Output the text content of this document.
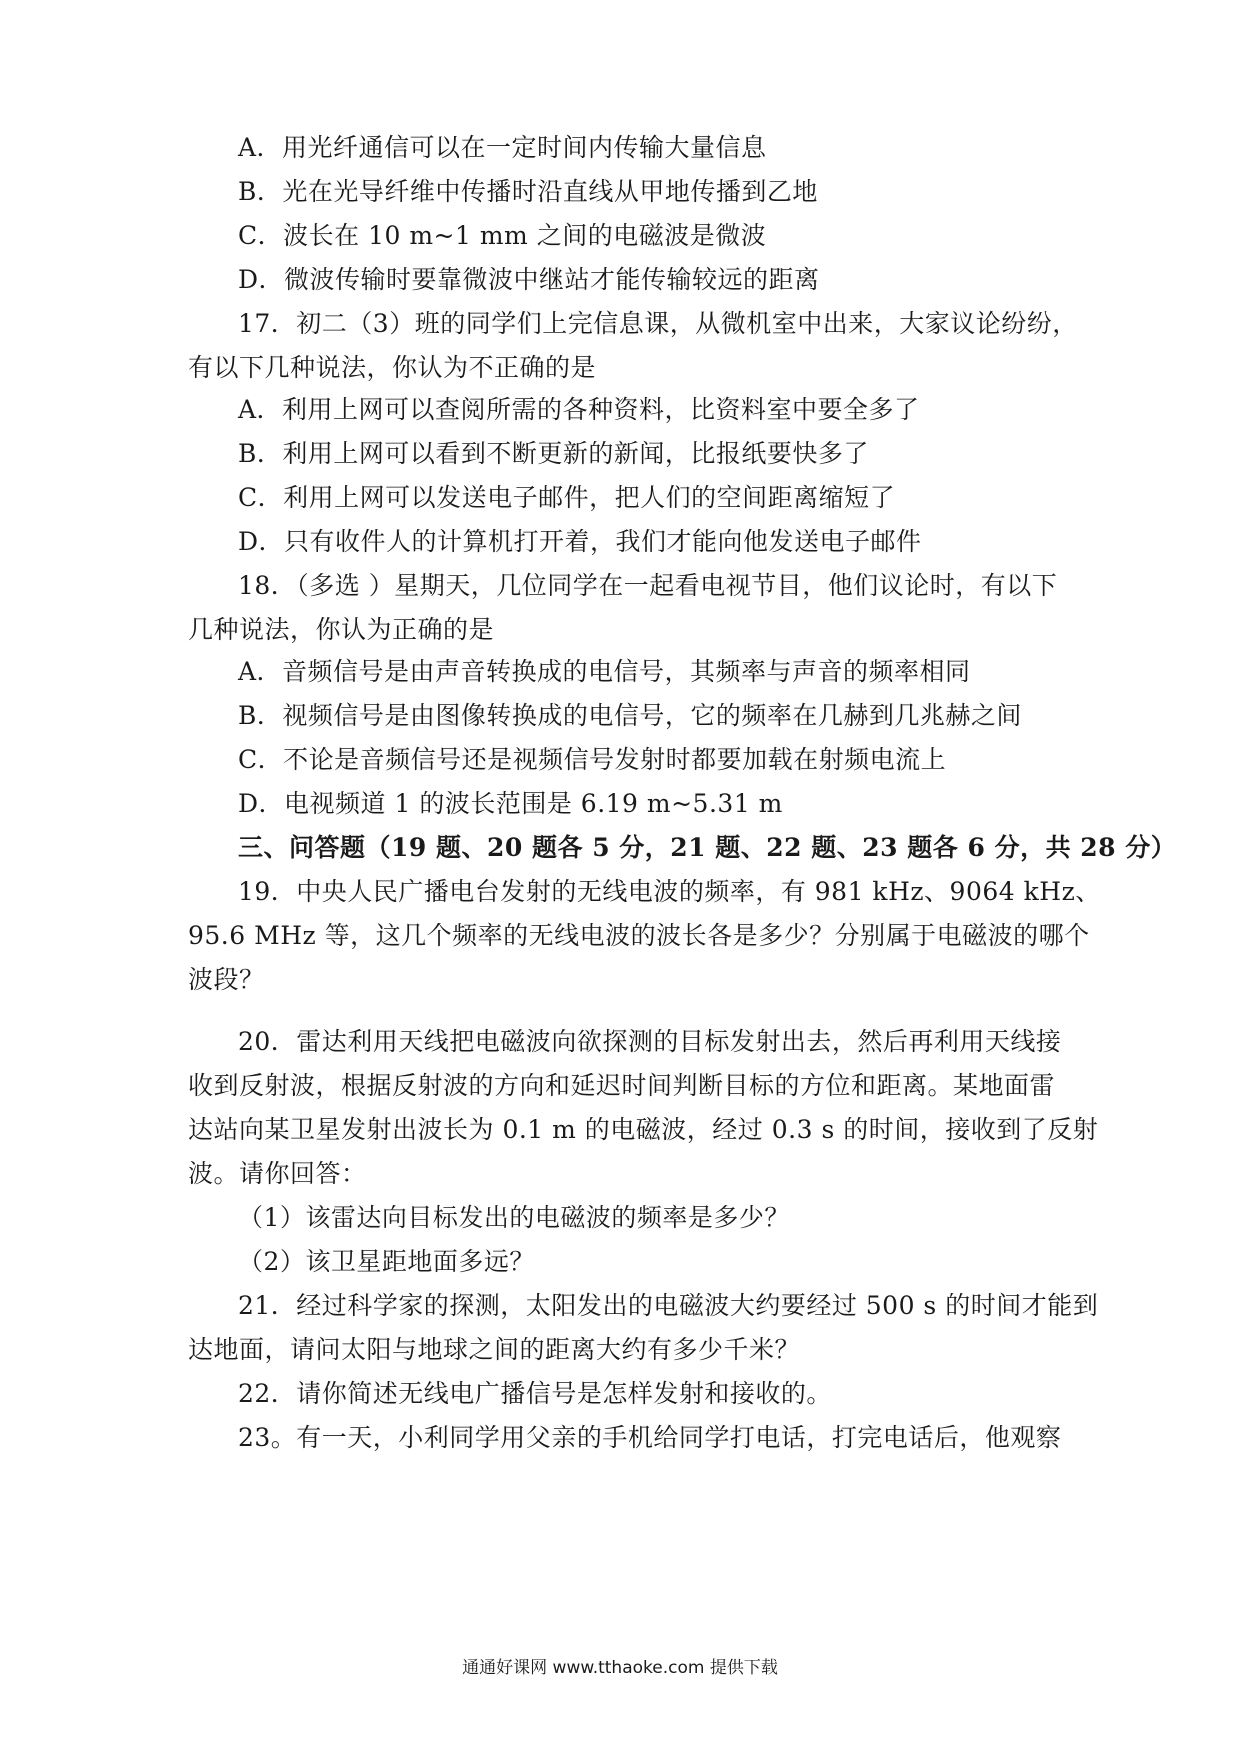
A．用光纤通信可以在一定时间内传输大量信息
B．光在光导纤维中传播时沿直线从甲地传播到乙地
C．波长在 10 m~1 mm 之间的电磁波是微波
D．微波传输时要靠微波中继站才能传输较远的距离
17．初二（3）班的同学们上完信息课，从微机室中出来，大家议论纷纷，
有以下几种说法，你认为不正确的是
A．利用上网可以查阅所需的各种资料，比资料室中要全多了
B．利用上网可以看到不断更新的新闻，比报纸要快多了
C．利用上网可以发送电子邮件，把人们的空间距离缩短了
D．只有收件人的计算机打开着，我们才能向他发送电子邮件
18．（多选 ）星期天，几位同学在一起看电视节目，他们议论时，有以下
几种说法，你认为正确的是
A．音频信号是由声音转换成的电信号，其频率与声音的频率相同
B．视频信号是由图像转换成的电信号，它的频率在几赫到几兆赫之间
C．不论是音频信号还是视频信号发射时都要加载在射频电流上
D．电视频道 1 的波长范围是 6.19 m~5.31 m
三、问答题（19 题、20 题各 5 分，21 题、22 题、23 题各 6 分，共 28 分）
19．中央人民广播电台发射的无线电波的频率，有 981 kHz、9064 kHz、
95.6 MHz 等，这几个频率的无线电波的波长各是多少？分别属于电磁波的哪个
波段？
20．雷达利用天线把电磁波向欲探测的目标发射出去，然后再利用天线接
收到反射波，根据反射波的方向和延迟时间判断目标的方位和距离。某地面雷
达站向某卫星发射出波长为 0.1 m 的电磁波，经过 0.3 s 的时间，接收到了反射
波。请你回答：
（1）该雷达向目标发出的电磁波的频率是多少？
（2）该卫星距地面多远？
21．经过科学家的探测，太阳发出的电磁波大约要经过 500 s 的时间才能到
达地面，请问太阳与地球之间的距离大约有多少千米？
22．请你简述无线电广播信号是怎样发射和接收的。
23。有一天，小利同学用父亲的手机给同学打电话，打完电话后，他观察
通通好课网 www.tthaoke.com 提供下载
